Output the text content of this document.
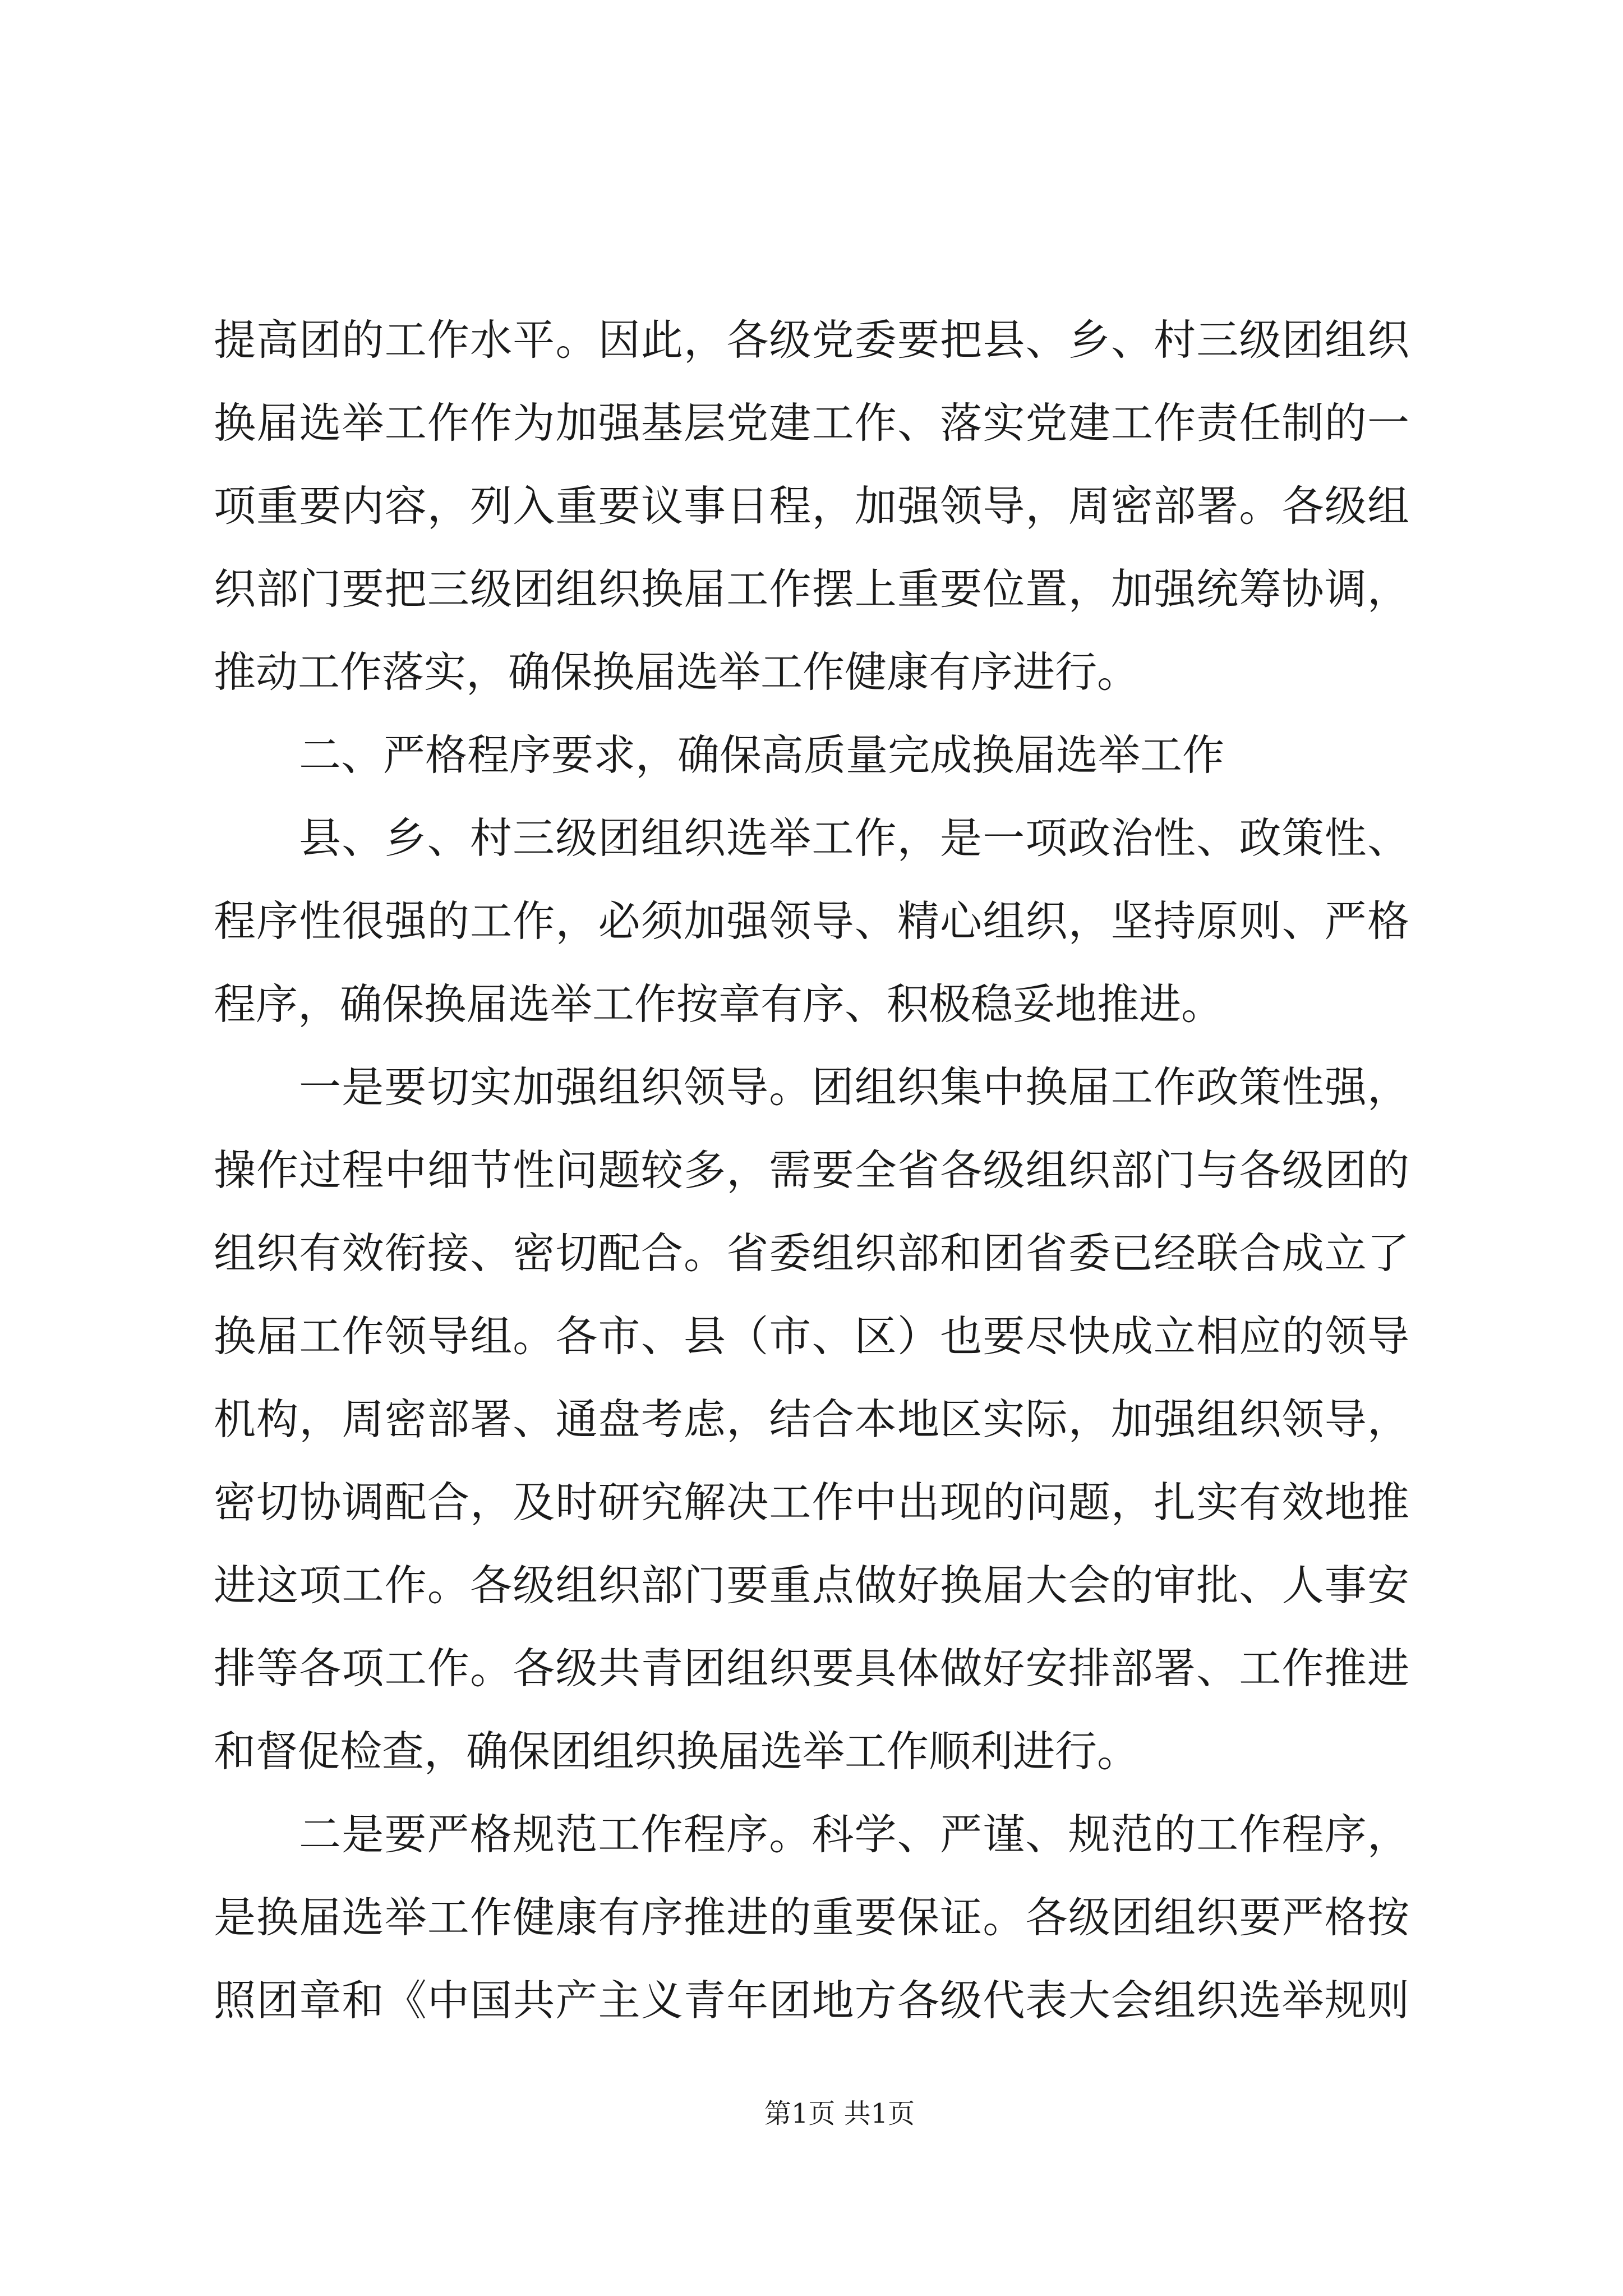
提高团的工作水平。因此，各级党委要把县、乡、村三级团组织
换届选举工作作为加强基层党建工作、落实党建工作责任制的一
项重要内容，列入重要议事日程，加强领导，周密部署。各级组
织部门要把三级团组织换届工作摆上重要位置，加强统筹协调，
推动工作落实，确保换届选举工作健康有序进行。
二、严格程序要求，确保高质量完成换届选举工作
县、乡、村三级团组织选举工作，是一项政治性、政策性、
程序性很强的工作，必须加强领导、精心组织，坚持原则、严格
程序，确保换届选举工作按章有序、积极稳妥地推进。
一是要切实加强组织领导。团组织集中换届工作政策性强，
操作过程中细节性问题较多，需要全省各级组织部门与各级团的
组织有效衔接、密切配合。省委组织部和团省委已经联合成立了
换届工作领导组。各市、县（市、区）也要尽快成立相应的领导
机构，周密部署、通盘考虑，结合本地区实际，加强组织领导，
密切协调配合，及时研究解决工作中出现的问题，扎实有效地推
进这项工作。各级组织部门要重点做好换届大会的审批、人事安
排等各项工作。各级共青团组织要具体做好安排部署、工作推进
和督促检查，确保团组织换届选举工作顺利进行。
二是要严格规范工作程序。科学、严谨、规范的工作程序，
是换届选举工作健康有序推进的重要保证。各级团组织要严格按
照团章和《中国共产主义青年团地方各级代表大会组织选举规则
第1页 共1页
